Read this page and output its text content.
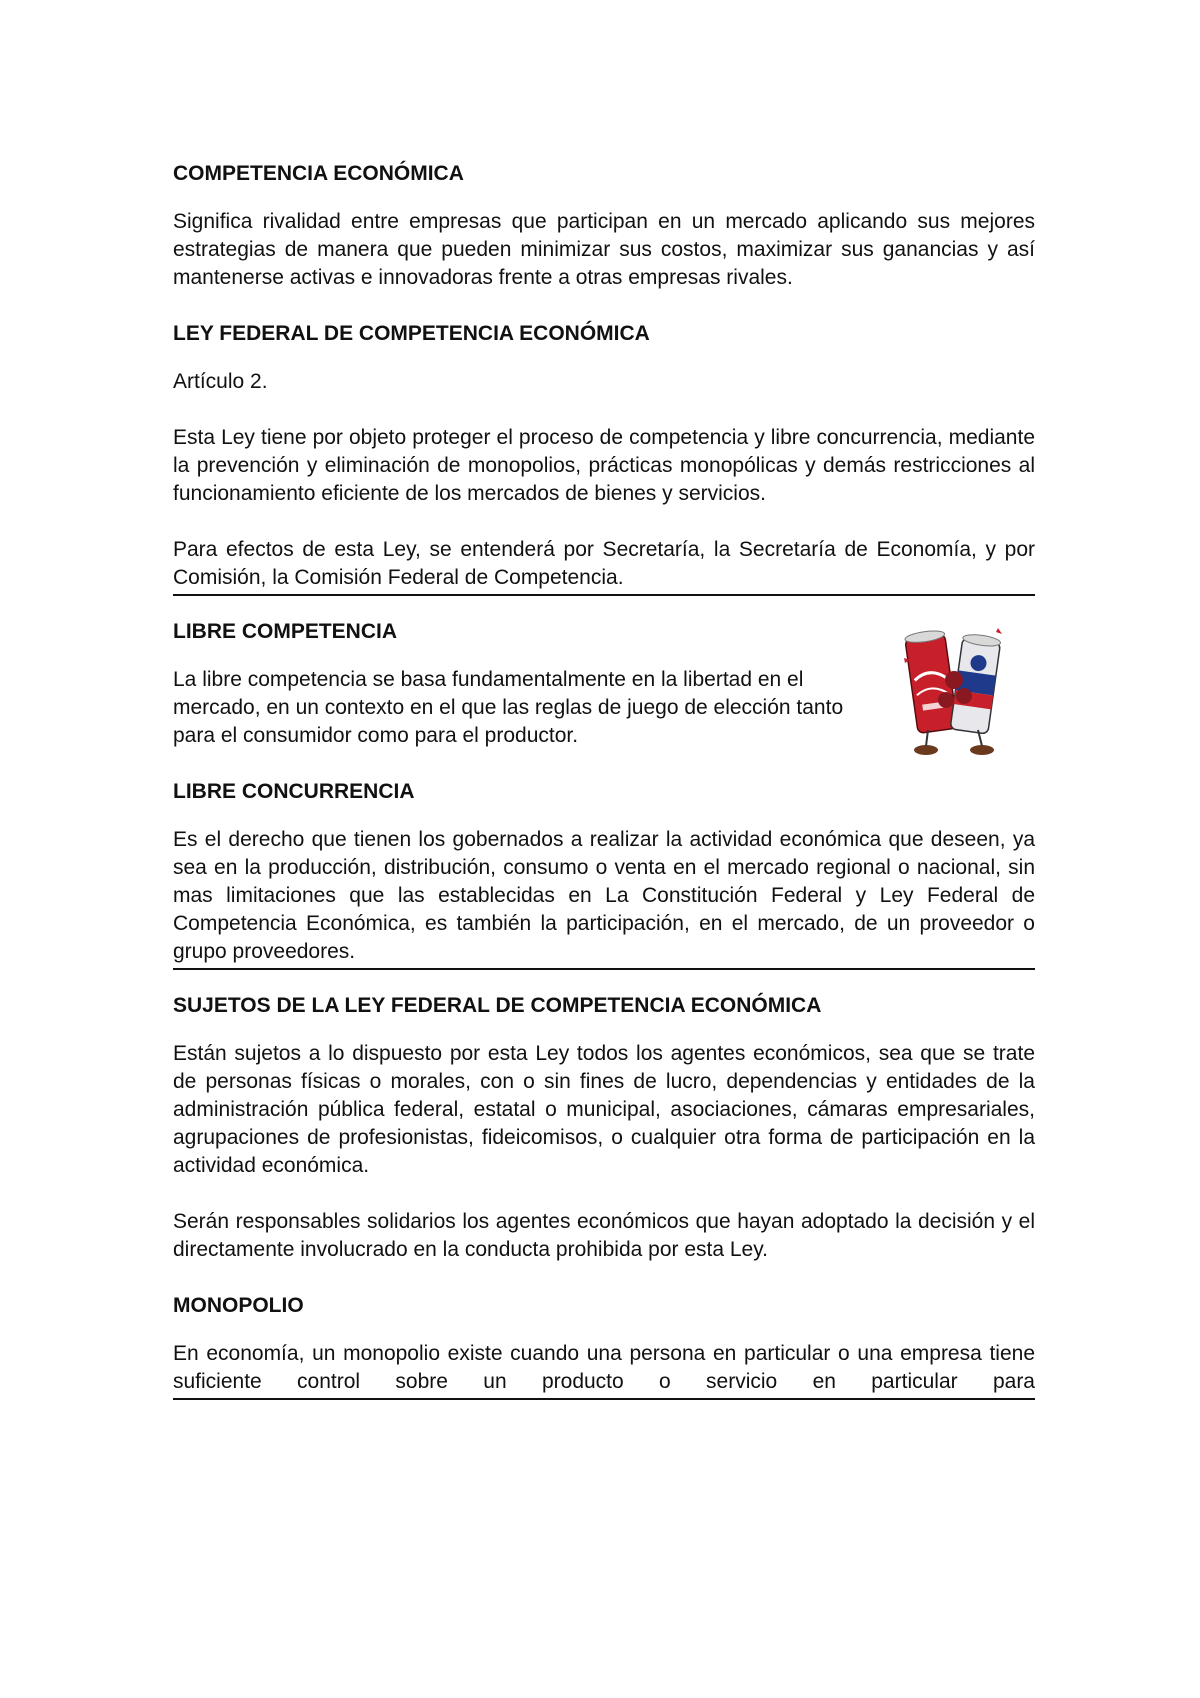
COMPETENCIA ECONÓMICA
Significa rivalidad entre empresas que participan en un mercado aplicando sus mejores estrategias de manera que pueden minimizar sus costos, maximizar sus ganancias y así mantenerse activas e innovadoras frente a otras empresas rivales.
LEY FEDERAL DE COMPETENCIA ECONÓMICA
Artículo 2.
Esta Ley tiene por objeto proteger el proceso de competencia y libre concurrencia, mediante la prevención y eliminación de monopolios, prácticas monopólicas y demás restricciones al funcionamiento eficiente de los mercados de bienes y servicios.
Para efectos de esta Ley, se entenderá por Secretaría, la Secretaría de Economía, y por Comisión, la Comisión Federal de Competencia.
LIBRE COMPETENCIA
La libre competencia se basa fundamentalmente en la libertad en el mercado, en un contexto en el que las reglas de juego de elección tanto para el consumidor como para el productor.
LIBRE CONCURRENCIA
Es el derecho que tienen los gobernados a realizar la actividad económica que deseen, ya sea en la producción, distribución, consumo o venta en el mercado regional o nacional, sin mas limitaciones que las establecidas en La Constitución Federal y Ley Federal de Competencia Económica, es también la participación, en el mercado, de un proveedor o grupo proveedores.
SUJETOS DE LA LEY FEDERAL DE COMPETENCIA ECONÓMICA
Están sujetos a lo dispuesto por esta Ley todos los agentes económicos, sea que se trate de personas físicas o morales, con o sin fines de lucro, dependencias y entidades de la administración pública federal, estatal o municipal, asociaciones, cámaras empresariales, agrupaciones de profesionistas, fideicomisos, o cualquier otra forma de participación en la actividad económica.
Serán responsables solidarios los agentes económicos que hayan adoptado la decisión y el directamente involucrado en la conducta prohibida por esta Ley.
MONOPOLIO
En economía, un monopolio existe cuando una persona en particular o una empresa tiene suficiente control sobre un producto o servicio en particular para
